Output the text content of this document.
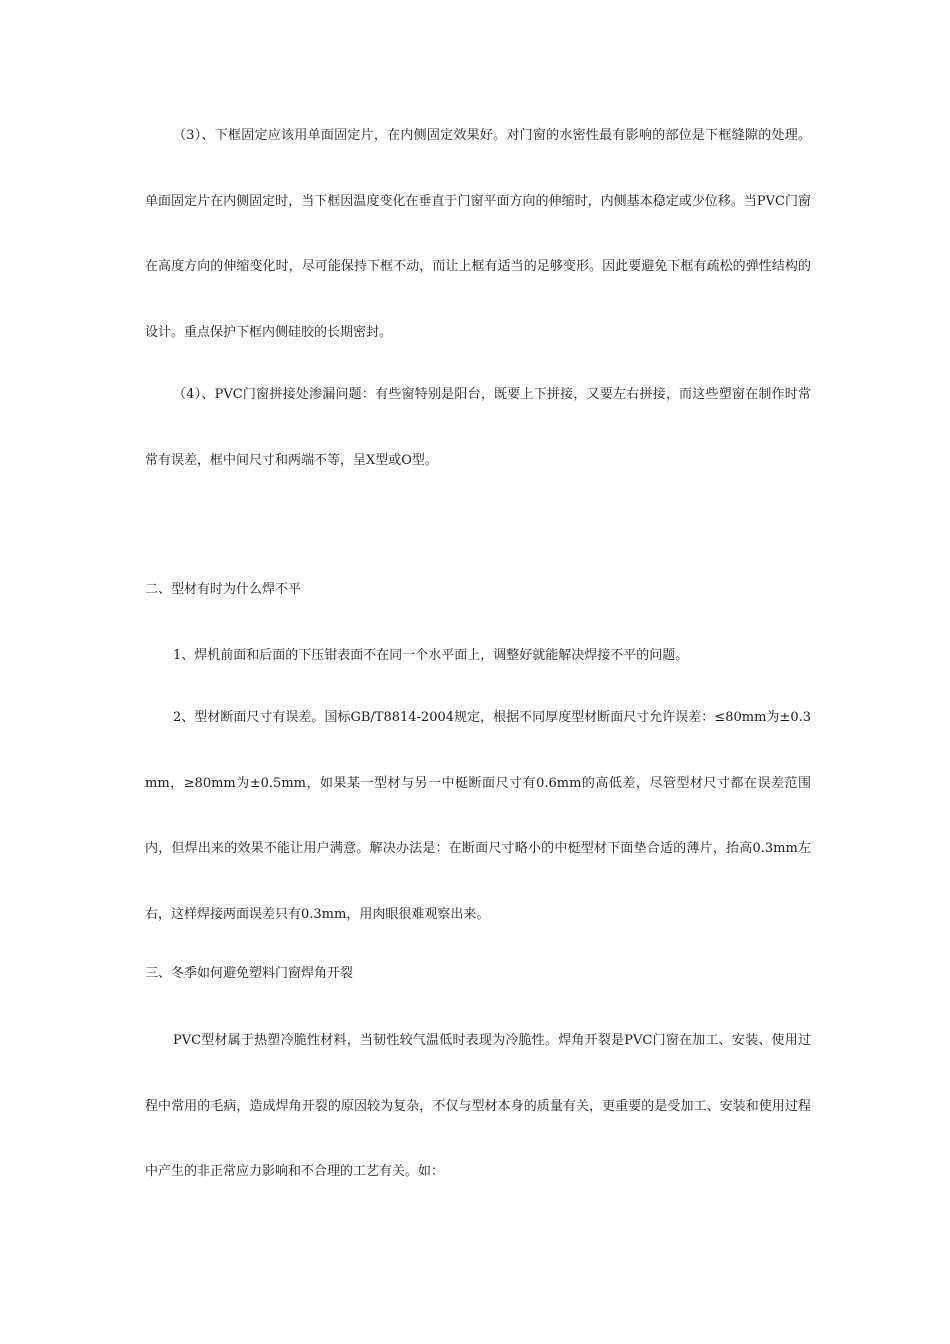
（3）、下框固定应该用单面固定片，在内侧固定效果好。对门窗的水密性最有影响的部位是下框缝隙的处理。单面固定片在内侧固定时，当下框因温度变化在垂直于门窗平面方向的伸缩时，内侧基本稳定或少位移。当PVC门窗在高度方向的伸缩变化时，尽可能保持下框不动，而让上框有适当的足够变形。因此要避免下框有疏松的弹性结构的设计。重点保护下框内侧硅胶的长期密封。

（4）、PVC门窗拼接处渗漏问题：有些窗特别是阳台，既要上下拼接，又要左右拼接，而这些塑窗在制作时常常有误差，框中间尺寸和两端不等，呈X型或O型。

二、型材有时为什么焊不平

1、焊机前面和后面的下压钳表面不在同一个水平面上，调整好就能解决焊接不平的问题。

2、型材断面尺寸有误差。国标GB/T8814-2004规定，根据不同厚度型材断面尺寸允许误差：≤80mm为±0.3mm，≥80mm为±0.5mm，如果某一型材与另一中梃断面尺寸有0.6mm的高低差，尽管型材尺寸都在误差范围内，但焊出来的效果不能让用户满意。解决办法是：在断面尺寸略小的中梃型材下面垫合适的薄片，抬高0.3mm左右，这样焊接两面误差只有0.3mm，用肉眼很难观察出来。

三、冬季如何避免塑料门窗焊角开裂

PVC型材属于热塑冷脆性材料，当韧性较气温低时表现为冷脆性。焊角开裂是PVC门窗在加工、安装、使用过程中常用的毛病，造成焊角开裂的原因较为复杂，不仅与型材本身的质量有关，更重要的是受加工、安装和使用过程中产生的非正常应力影响和不合理的工艺有关。如：
